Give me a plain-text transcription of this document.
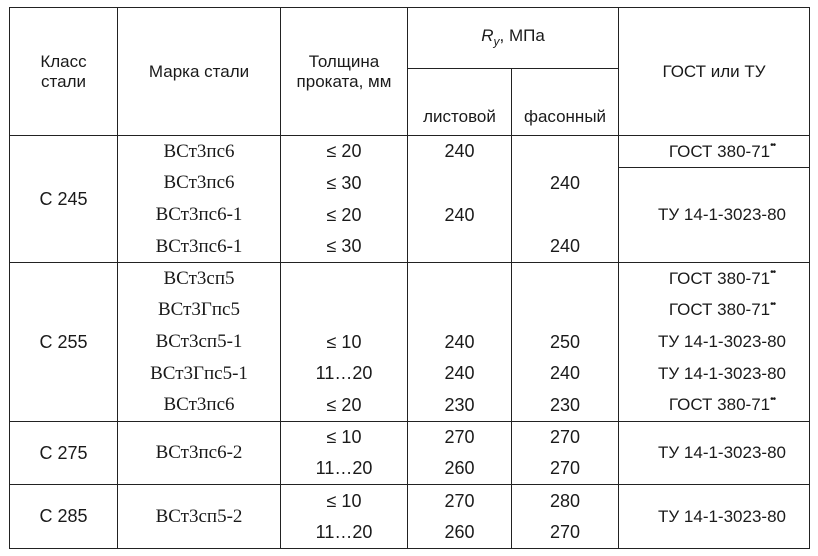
Класс стали	Марка стали	Толщина проката, мм	$R_y$, МПа		ГОСТ или ТУ
			листовой	фасонный	
С 245	ВСт3пс6	≤ 20	240		ГОСТ 380-71••
	ВСт3пс6	≤ 30		240	ТУ 14-1-3023-80
	ВСт3пс6-1	≤ 20	240		
	ВСт3пс6-1	≤ 30		240	
С 255	ВСт3сп5				ГОСТ 380-71••
	ВСт3Гпс5				ГОСТ 380-71••
	ВСт3сп5-1	≤ 10	240	250	ТУ 14-1-3023-80
	ВСт3Гпс5-1	11…20	240	240	ТУ 14-1-3023-80
	ВСт3пс6	≤ 20	230	230	ГОСТ 380-71••
С 275	ВСт3пс6-2	≤ 10	270	270	ТУ 14-1-3023-80
		11…20	260	270	
С 285	ВСт3сп5-2	≤ 10	270	280	ТУ 14-1-3023-80
		11…20	260	270	
